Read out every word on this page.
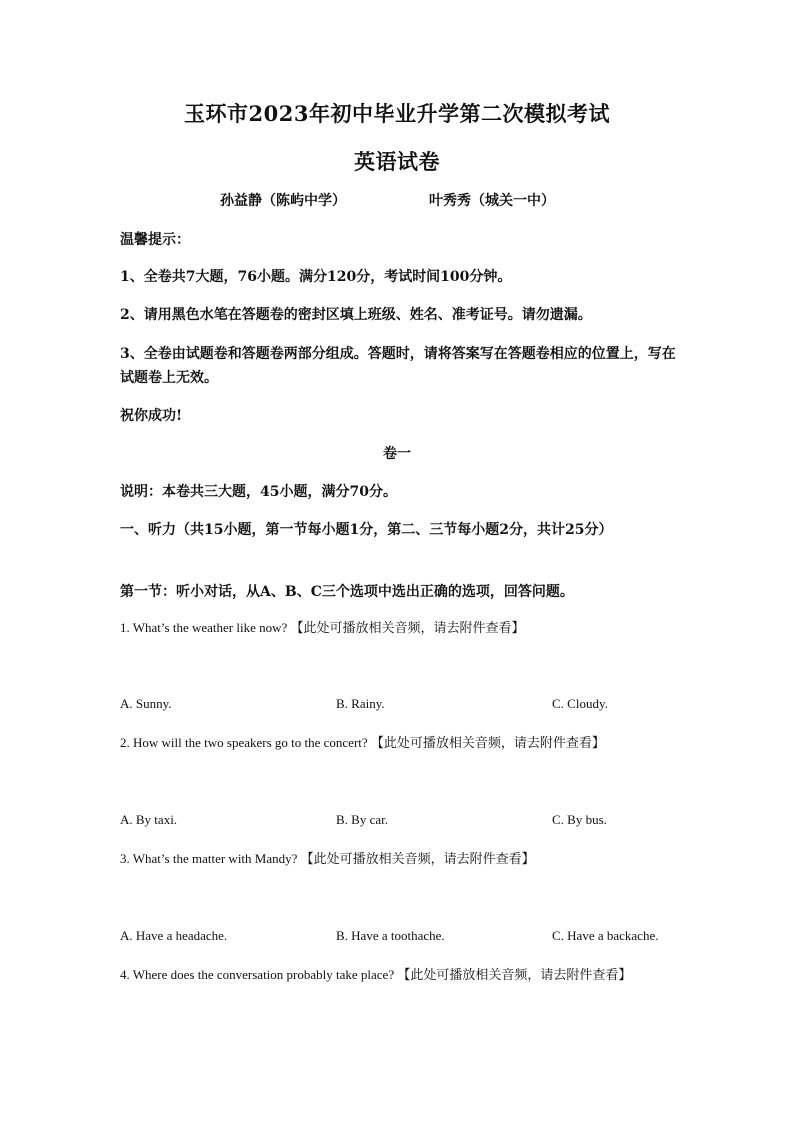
玉环市2023年初中毕业升学第二次模拟考试
英语试卷
孙益静（陈屿中学）	叶秀秀（城关一中）
温馨提示：
1、全卷共7大题，76小题。满分120分，考试时间100分钟。
2、请用黑色水笔在答题卷的密封区填上班级、姓名、准考证号。请勿遗漏。
3、全卷由试题卷和答题卷两部分组成。答题时，请将答案写在答题卷相应的位置上，写在试题卷上无效。
祝你成功!
卷一
说明：本卷共三大题，45小题，满分70分。
一、听力（共15小题，第一节每小题1分，第二、三节每小题2分，共计25分）
第一节：听小对话，从A、B、C三个选项中选出正确的选项，回答问题。
1. What’s the weather like now? 【此处可播放相关音频，请去附件查看】
A. Sunny.	B. Rainy.	C. Cloudy.
2. How will the two speakers go to the concert? 【此处可播放相关音频，请去附件查看】
A. By taxi.	B. By car.	C. By bus.
3. What’s the matter with Mandy? 【此处可播放相关音频，请去附件查看】
A. Have a headache.	B. Have a toothache.	C. Have a backache.
4. Where does the conversation probably take place? 【此处可播放相关音频，请去附件查看】
